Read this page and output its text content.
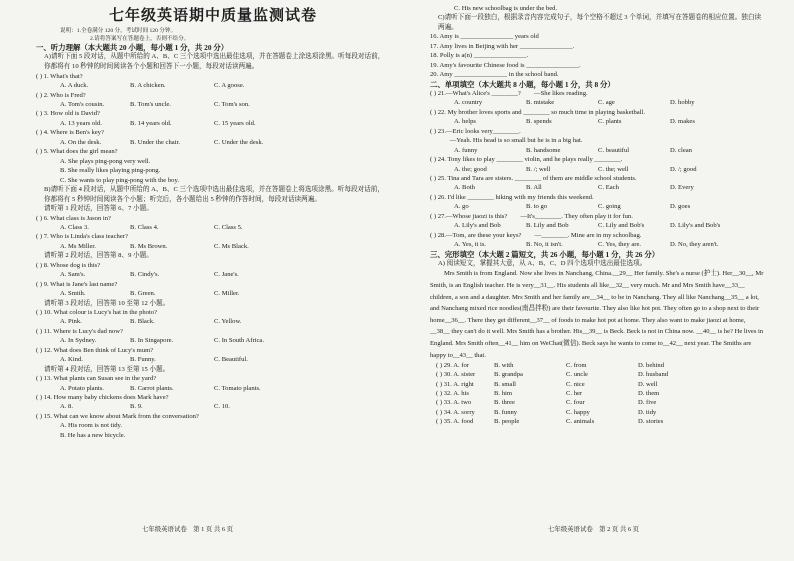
七年级英语期中质量监测试卷
说明：1.全卷满分 120 分，考试时间 120 分钟。
2.请将答案写在答题卷上，否则不给分。
一、听力理解（本大题共 20 小题，每小题 1 分，共 20 分）
A)请听下面 5 段对话，从题中所给的 A、B、C 三个选项中选出最佳选项，并在答题卷上涂选项涂黑。听每段对话前，你都将有 10 秒钟的时间阅读各个小题和回答下一小题，每段对话读两遍。
( ) 1. What's that?
A. A duck.	B. A chicken.	C. A goose.
( ) 2. Who is Fred?
A. Tom's cousin.	B. Tom's uncle.	C. Tom's son.
( ) 3. How old is David?
A. 13 years old.	B. 14 years old.	C. 15 years old.
( ) 4. Where is Ben's key?
A. On the desk.	B. Under the chair.	C. Under the desk.
( ) 5. What does the girl mean?
A. She plays ping-pong very well.
B. She really likes playing ping-pong.
C. She wants to play ping-pong with the boy.
B)请听下面 4 段对话，从题中所给的 A、B、C 三个选项中选出最佳选项，并在答题卷上将选项涂黑。听每段对话前，你都将有 5 秒钟时间阅读各个小题；听完后，各小题给出 5 秒钟的作答时间，每段对话读两遍。
请听第 1 段对话，回答第 6、7 小题。
( ) 6. What class is Jason in?
A. Class 3.	B. Class 4.	C. Class 5.
( ) 7. Who is Linda's class teacher?
A. Ms Miller.	B. Ms Brown.	C. Ms Black.
请听第 2 段对话，回答第 8、9 小题。
( ) 8. Whose dog is this?
A. Sam's.	B. Cindy's.	C. Jane's.
( ) 9. What is Jane's last name?
A. Smith.	B. Green.	C. Miller.
请听第 3 段对话，回答第 10 至第 12 小题。
( ) 10. What colour is Lucy's hat in the photo?
A. Pink.	B. Black.	C. Yellow.
( ) 11. Where is Lucy's dad now?
A. In Sydney.	B. In Singapore.	C. In South Africa.
( ) 12. What does Ben think of Lucy's mum?
A. Kind.	B. Funny.	C. Beautiful.
请听第 4 段对话，回答第 13 至第 15 小题。
( ) 13. What plants can Susan see in the yard?
A. Potato plants.	B. Carrot plants.	C. Tomato plants.
( ) 14. How many baby chickens does Mark have?
A. 8.	B. 9.	C. 10.
( ) 15. What can we know about Mark from the conversation?
A. His room is not tidy.
B. He has a new bicycle.
七年级英语试卷　第 1 页 共 6 页
C. His new schoolbag is under the bed.
C)请听下面一段独白，根据录音内容完成句子，每个空格不超过 3 个单词，并填写在答题卷的相应位置。独白读两遍。
16. Amy is ________________ years old
17. Amy lives in Beijing with her ________________.
18. Polly is a(n) ________________.
19. Amy's favourite Chinese food is ________________.
20. Amy ________________ in the school band.
二、单项填空（本大题共 8 小题，每小题 1 分，共 8 分）
( ) 21.—What's Alice's ________?　　—She likes reading.
A. country	B. mistake	C. age	D. hobby
( ) 22. My brother loves sports and ________ so much time in playing basketball.
A. helps	B. spends	C. plants	D. makes
( ) 23.—Eric looks very________.
　　　—Yeah. His head is so small but he is in a big hat.
A. funny	B. handsome	C. beautiful	D. clean
( ) 24. Tony likes to play ________ violin, and he plays really ________.
A. the; good	B. /; well	C. the; well	D. /; good
( ) 25. Tina and Tara are sisters. ________ of them are middle school students.
A. Both	B. All	C. Each	D. Every
( ) 26. I'd like ________ hiking with my friends this weekend.
A. go	B. to go	C. going	D. goes
( ) 27.—Whose jiaozi is this?　　—It's________. They often play it for fun.
A. Lily's and Bob	B. Lily and Bob	C. Lily and Bob's	D. Lily's and Bob's
( ) 28.—Tom, are these your keys?　　—________. Mine are in my schoolbag.
A. Yes, it is.	B. No, it isn't.	C. Yes, they are.	D. No, they aren't.
三、完形填空（本大题 2 篇短文，共 26 小题，每小题 1 分，共 26 分）
A) 阅读短文，掌握其大意，从 A、B、C、D 四个选项中选出最佳选项。
Mrs Smith is from England. Now she lives in Nanchang, China.__29__ Her family. She's a nurse (护士). Her__30__, Mr Smith, is an English teacher. He is very__31__. His students all like__32__ very much. Mr and Mrs Smith have__33__ children, a son and a daughter. Mrs Smith and her family are__34__ to be in Nanchang. They all like Nanchang__35__ a lot, and Nanchang mixed rice noodles(南昌拌粉) are their favourite. They also like hot pot. They often go to a shop next to their home__36__. There they get different__37__ of foods to make hot pot at home. They also want to make jiaozi at home, __38__ they can't do it well. Mrs Smith has a brother. His__39__ is Beck. Beck is not in China now. __40__ is he? He lives in England. Mrs Smith often__41__ him on WeChat(微信). Beck says he wants to come to__42__ next year. The Smiths are happy to__43__ that.
( ) 29. A. for	B. with	C. from	D. behind
( ) 30. A. sister	B. grandpa	C. uncle	D. husband
( ) 31. A. right	B. small	C. nice	D. well
( ) 32. A. his	B. him	C. her	D. them
( ) 33. A. two	B. three	C. four	D. five
( ) 34. A. sorry	B. funny	C. happy	D. tidy
( ) 35. A. food	B. people	C. animals	D. stories
七年级英语试卷　第 2 页 共 6 页
